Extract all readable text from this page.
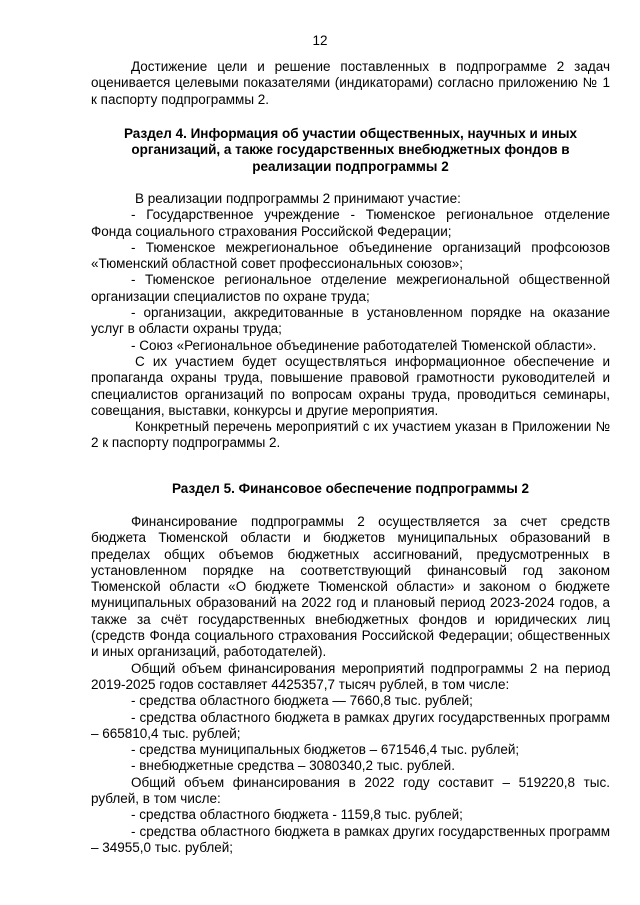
12

Достижение цели и решение поставленных в подпрограмме 2 задач оценивается целевыми показателями (индикаторами) согласно приложению № 1 к паспорту подпрограммы 2.

Раздел 4. Информация об участии общественных, научных и иных

организаций, а также государственных внебюджетных фондов в

реализации подпрограммы 2

В реализации подпрограммы 2 принимают участие:

- Государственное учреждение - Тюменское региональное отделение Фонда социального страхования Российской Федерации;

- Тюменское межрегиональное объединение организаций профсоюзов «Тюменский областной совет профессиональных союзов»;

- Тюменское региональное отделение межрегиональной общественной организации специалистов по охране труда;

- организации, аккредитованные в установленном порядке на оказание услуг в области охраны труда;

- Союз «Региональное объединение работодателей Тюменской области».

С их участием будет осуществляться информационное обеспечение и пропаганда охраны труда, повышение правовой грамотности руководителей и специалистов организаций по вопросам охраны труда, проводиться семинары, совещания, выставки, конкурсы и другие мероприятия.

Конкретный перечень мероприятий с их участием указан в Приложении № 2 к паспорту подпрограммы 2.

Раздел 5. Финансовое обеспечение подпрограммы 2

Финансирование подпрограммы 2 осуществляется за счет средств бюджета Тюменской области и бюджетов муниципальных образований в пределах общих объемов бюджетных ассигнований, предусмотренных в установленном порядке на соответствующий финансовый год законом Тюменской области «О бюджете Тюменской области» и законом о бюджете муниципальных образований на 2022 год и плановый период 2023-2024 годов, а также за счёт государственных внебюджетных фондов и юридических лиц (средств Фонда социального страхования Российской Федерации; общественных и иных организаций, работодателей).

Общий объем финансирования мероприятий подпрограммы 2 на период 2019-2025 годов составляет 4425357,7 тысяч рублей, в том числе:

- средства областного бюджета — 7660,8 тыс. рублей;

- средства областного бюджета в рамках других государственных программ – 665810,4 тыс. рублей;

- средства муниципальных бюджетов – 671546,4 тыс. рублей;

- внебюджетные средства – 3080340,2 тыс. рублей.

Общий объем финансирования в 2022 году составит – 519220,8 тыс. рублей, в том числе:

- средства областного бюджета - 1159,8 тыс. рублей;

- средства областного бюджета в рамках других государственных программ – 34955,0 тыс. рублей;
